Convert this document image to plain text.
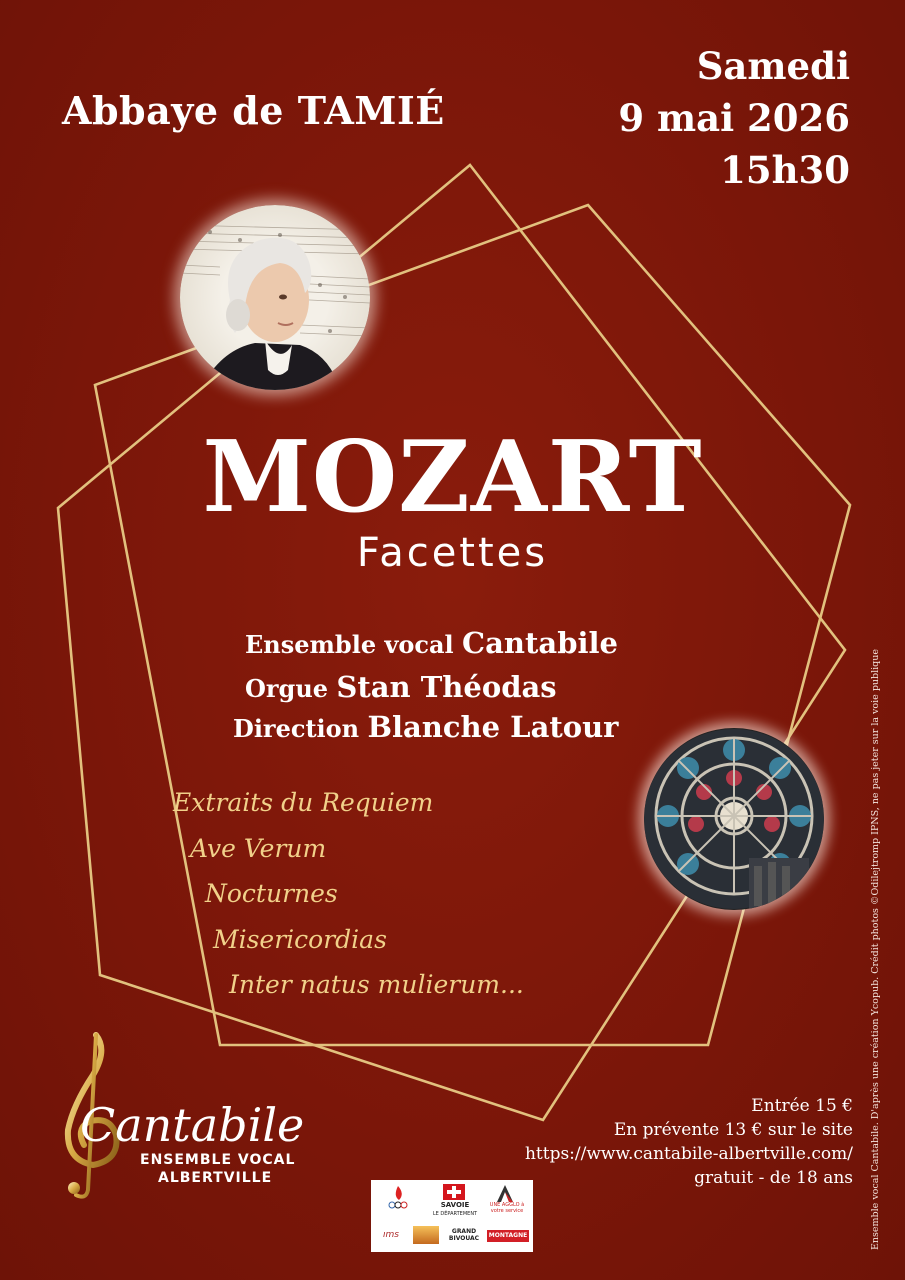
Abbaye de TAMIÉ
Samedi
9 mai 2026
15h30
MOZART
Facettes
Ensemble vocal Cantabile
Orgue Stan Théodas
Direction Blanche Latour
Extraits du Requiem
Ave Verum
Nocturnes
Misericordias
Inter natus mulierum...
Cantabile
ENSEMBLE VOCAL
ALBERTVILLE
Entrée 15 €
En prévente 13 € sur le site
https://www.cantabile-albertville.com/
gratuit - de 18 ans
SAVOIE
LE DÉPARTEMENT
UNE AGGLO à votre service
ıms	GRAND BIVOUAC	MONTAGNE FM	Ensemble vocal Cantabile. D'après une création Ycopub. Crédit photos ©Odilejtromp IPNS, ne pas jeter sur la voie publique
